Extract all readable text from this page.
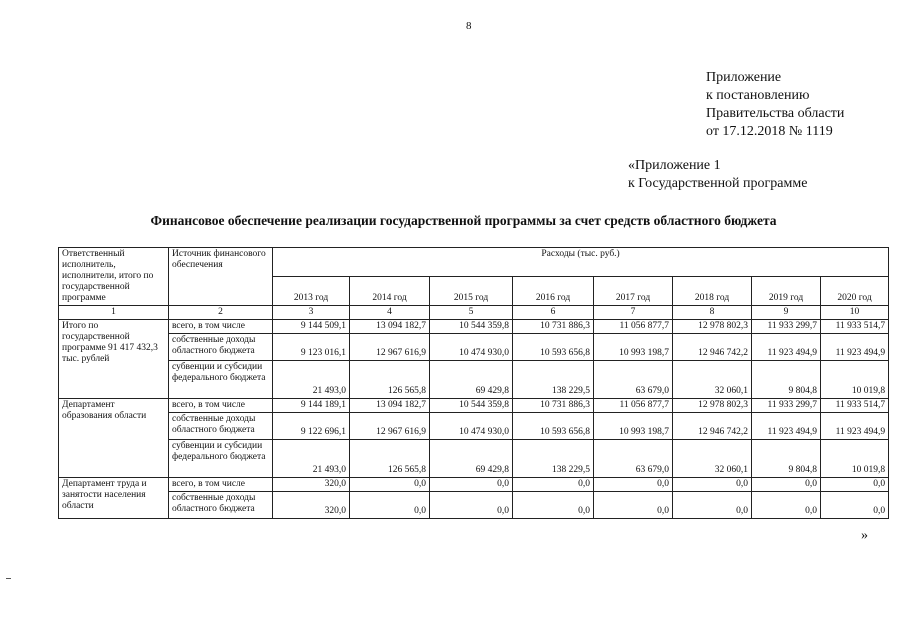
8
Приложение
к постановлению
Правительства области
от 17.12.2018 № 1119
«Приложение 1
к Государственной программе
Финансовое обеспечение реализации государственной программы за счет средств областного бюджета
Ответственный исполнитель, исполнители, итого по государственной программе	Источник финансового обеспечения	Расходы (тыс. руб.)							
		2013 год	2014 год	2015 год	2016 год	2017 год	2018 год	2019 год	2020 год
1	2	3	4	5	6	7	8	9	10
Итого по государственной программе 91 417 432,3 тыс. рублей	всего, в том числе	9 144 509,1	13 094 182,7	10 544 359,8	10 731 886,3	11 056 877,7	12 978 802,3	11 933 299,7	11 933 514,7
	собственные доходы областного бюджета	9 123 016,1	12 967 616,9	10 474 930,0	10 593 656,8	10 993 198,7	12 946 742,2	11 923 494,9	11 923 494,9
	субвенции и субсидии федерального бюджета	21 493,0	126 565,8	69 429,8	138 229,5	63 679,0	32 060,1	9 804,8	10 019,8
Департамент образования области	всего, в том числе	9 144 189,1	13 094 182,7	10 544 359,8	10 731 886,3	11 056 877,7	12 978 802,3	11 933 299,7	11 933 514,7
	собственные доходы областного бюджета	9 122 696,1	12 967 616,9	10 474 930,0	10 593 656,8	10 993 198,7	12 946 742,2	11 923 494,9	11 923 494,9
	субвенции и субсидии федерального бюджета	21 493,0	126 565,8	69 429,8	138 229,5	63 679,0	32 060,1	9 804,8	10 019,8
Департамент труда и занятости населения области	всего, в том числе	320,0	0,0	0,0	0,0	0,0	0,0	0,0	0,0
	собственные доходы областного бюджета	320,0	0,0	0,0	0,0	0,0	0,0	0,0	0,0
»
